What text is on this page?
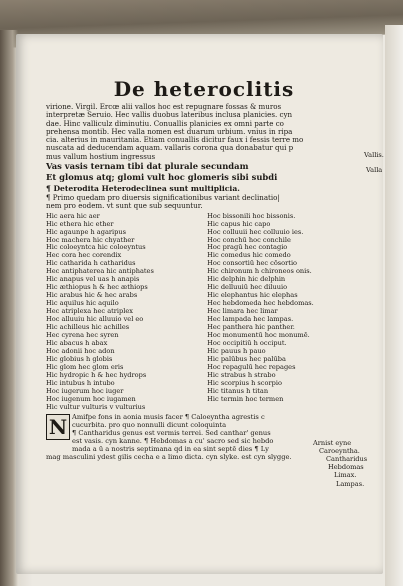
De heteroclitis

virione. Virgil. Ercœ alii vallos hoc est repugnare fossas & muros
interpretæ Seruio. Hec vallis duobus lateribus inclusa planicies. cyn
dae. Hinc valliculz diminutiu. Conuallis planicies ex omni parte co
prehensa montib. Hec valla nomen est duarum urbium. vnius in ripa
cia. alterius in mauritania. Etiam conuallis dicitur faux i fessis terre mo
nuscata ad deducendam aquam. vallaris corona qua donabatur qui p
mus vallum hostium ingressus

Vas vasis ternam tibi dat plurale secundam
Et glomus atq; glomi vult hoc glomeris sibi subdi
¶ Deterodita Heterodeclinea sunt multiplicia.

¶ Primo quedam pro diuersis significationibus variant declinatio|
nem pro eodem. vt sunt que sub sequuntur.

Hic aera hic aer
Hic ethera hic ether
Hic agaunpe h agaripus
Hoc machera hic chyather
Hic coloeyntca hic coloeyntus
Hec cora hec corendix
Hic catharida h catharidus
Hec antiphaterea hic antiphates
Hic anapus vel uas h anapis
Hic æthiopus h & hec æthiops
Hic arabus hic & hec arabs
Hic aquilus hic aquilo
Hec atriplexa hec atriplex
Hoc alluuiu hic alluuio vel eo
Hic achilleus hic achilles
Hec cyrena hec syren
Hic abacus h abax
Hoc adonii hoc adon
Hic globius h globis
Hic glom hec glom eris
Hic hydropic h & hec hydrops
Hic intubus h intubo
Hoc iugerum hoc iuger
Hoc iugenum hoc iugamen
Hic vultur vulturis v vulturius
Hoc bissonili hoc bissonis.
Hic capus hic capo
Hoc colluuii hec colluuio ies.
Hoc conchū hoc conchile
Hoc pragū hec contagio
Hic comedus hic comedo
Hoc consortiū hec cōsortio
Hic chironum h chironeos onis.
Hic delphin hic delphin
Hic delluuiū hec diluuio
Hic elephantus hic elephas
Hec hebdomeda hec hebdomas.
Hec limara hec limar
Hec lampada hec lampas.
Hec panthera hic panther.
Hoc monumentū hoc monumē.
Hoc occipitiū h occiput.
Hic pauus h pauo
Hic palūbus hec palūba
Hoc repagulū hec repages
Hic strabus h strabo
Hic scorpius h scorpio
Hic titanus h titan
Hic termin hoc termen
N Amifpe fons in aonia musis facer ¶ Caloeyntha agrestis c
cucurbita. pro quo nonnulli dicunt coloquinta
¶ Cantharidus genus est vermis terrei. Sed canthar' genus
est vasis. cyn kanne. ¶ Hebdomas a cu' sacro sed sic hebdo
mada a ū a nostris septimana qd in ea sint septē dies ¶ Ly
mag masculini ydest gilis cecha e a limo dicta. cyn slyke. est cyn slygge.
Vallis.
Valla
Arnist eyne
Caroeyntha.
Cantharidus
Hebdomas
Limax.
Lampas.
